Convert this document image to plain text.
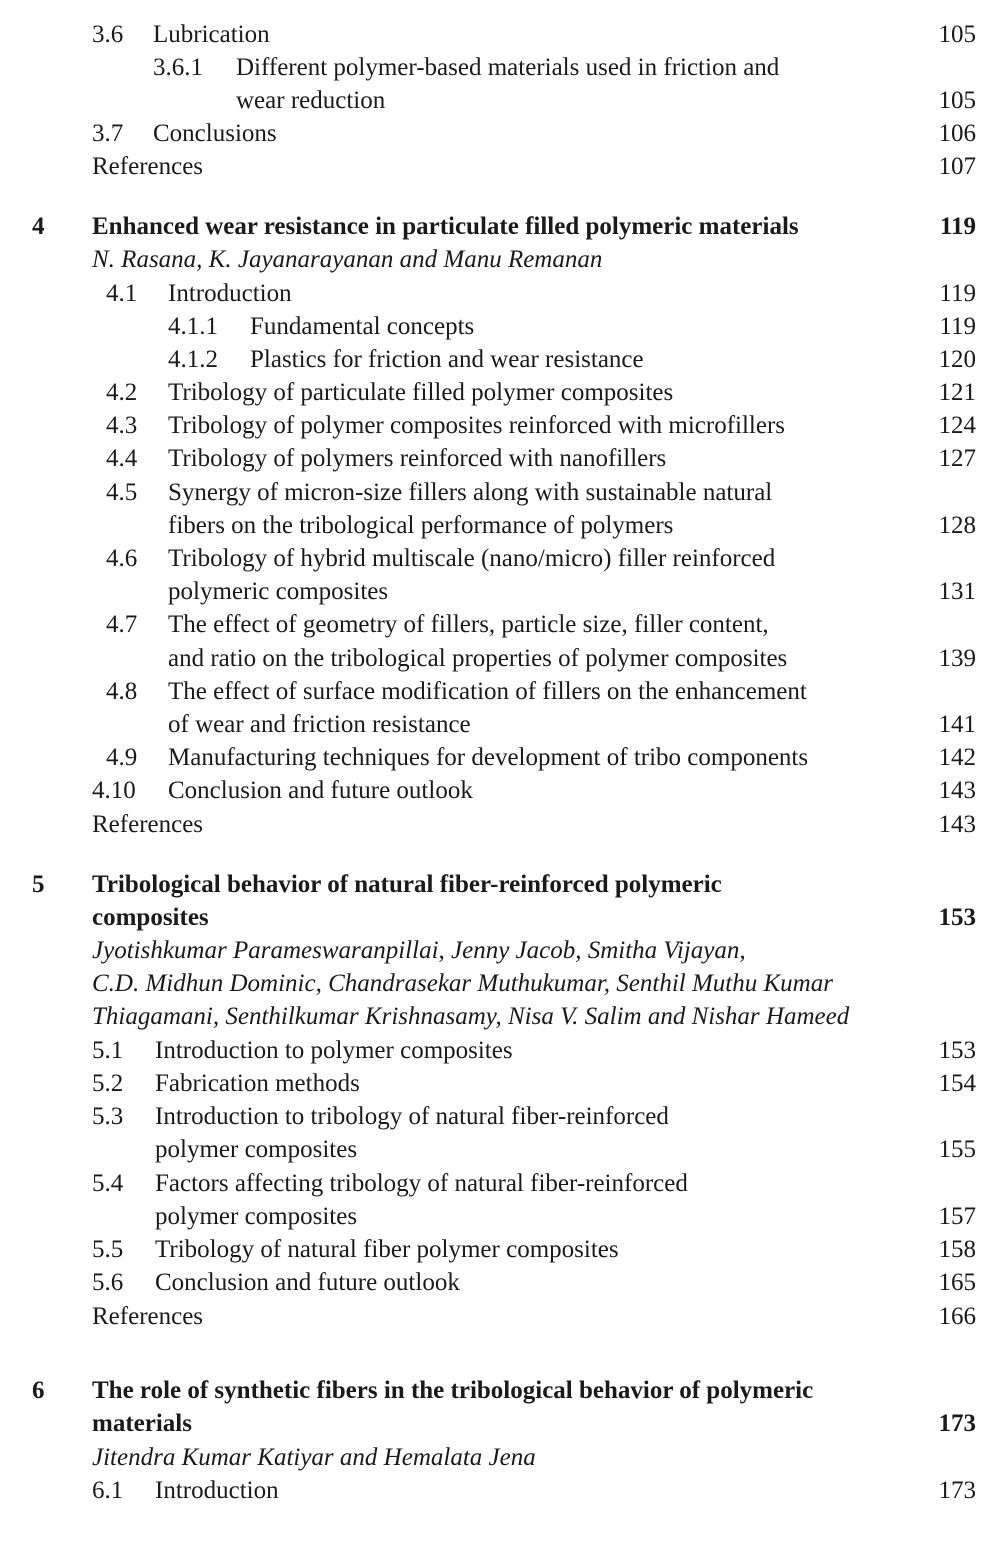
3.6 Lubrication	105
3.6.1 Different polymer-based materials used in friction and
wear reduction	105
3.7 Conclusions	106
References	107
4 Enhanced wear resistance in particulate filled polymeric materials	119
N. Rasana, K. Jayanarayanan and Manu Remanan
4.1 Introduction	119
4.1.1 Fundamental concepts	119
4.1.2 Plastics for friction and wear resistance	120
4.2 Tribology of particulate filled polymer composites	121
4.3 Tribology of polymer composites reinforced with microfillers	124
4.4 Tribology of polymers reinforced with nanofillers	127
4.5 Synergy of micron-size fillers along with sustainable natural
fibers on the tribological performance of polymers	128
4.6 Tribology of hybrid multiscale (nano/micro) filler reinforced
polymeric composites	131
4.7 The effect of geometry of fillers, particle size, filler content,
and ratio on the tribological properties of polymer composites	139
4.8 The effect of surface modification of fillers on the enhancement
of wear and friction resistance	141
4.9 Manufacturing techniques for development of tribo components	142
4.10 Conclusion and future outlook	143
References	143
5 Tribological behavior of natural fiber-reinforced polymeric
composites	153
Jyotishkumar Parameswaranpillai, Jenny Jacob, Smitha Vijayan,
C.D. Midhun Dominic, Chandrasekar Muthukumar, Senthil Muthu Kumar
Thiagamani, Senthilkumar Krishnasamy, Nisa V. Salim and Nishar Hameed
5.1 Introduction to polymer composites	153
5.2 Fabrication methods	154
5.3 Introduction to tribology of natural fiber-reinforced
polymer composites	155
5.4 Factors affecting tribology of natural fiber-reinforced
polymer composites	157
5.5 Tribology of natural fiber polymer composites	158
5.6 Conclusion and future outlook	165
References	166
6 The role of synthetic fibers in the tribological behavior of polymeric
materials	173
Jitendra Kumar Katiyar and Hemalata Jena
6.1 Introduction	173
